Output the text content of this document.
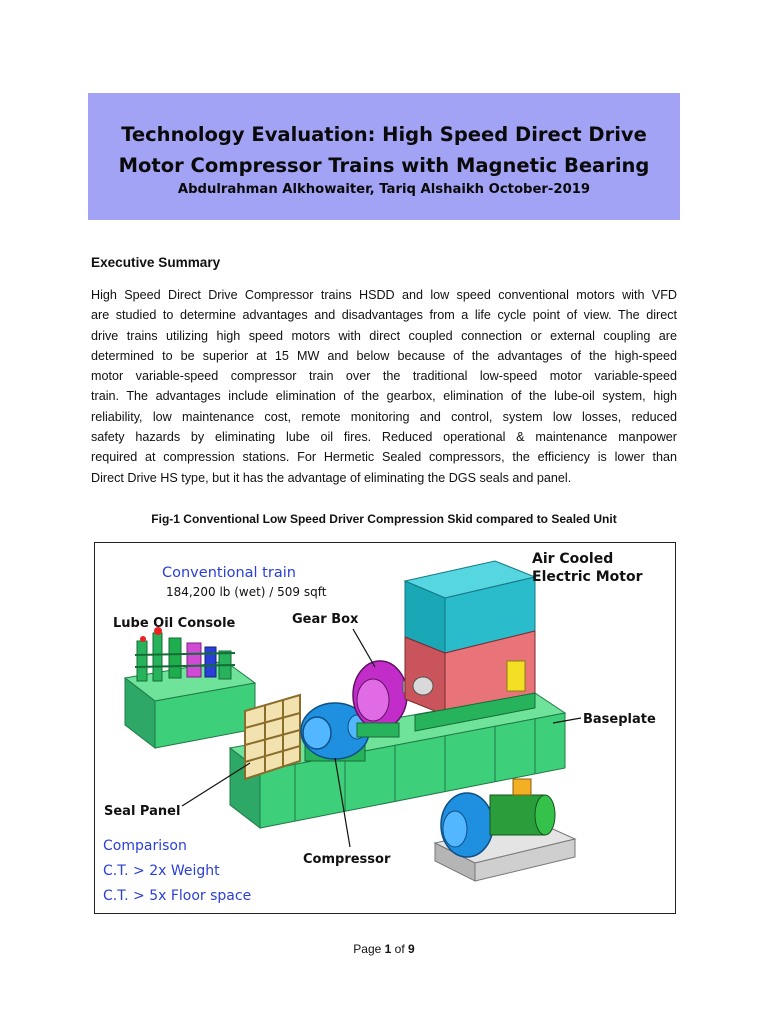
Technology Evaluation: High Speed Direct Drive
Motor Compressor Trains with Magnetic Bearing
Abdulrahman Alkhowaiter, Tariq Alshaikh October-2019
Executive Summary
High Speed Direct Drive Compressor trains HSDD and low speed conventional motors with VFD
are studied to determine advantages and disadvantages from a life cycle point of view. The direct
drive trains utilizing high speed motors with direct coupled connection or external coupling are
determined to be superior at 15 MW and below because of the advantages of the high-speed
motor variable-speed compressor train over the traditional low-speed motor variable-speed
train. The advantages include elimination of the gearbox, elimination of the lube-oil system, high
reliability, low maintenance cost, remote monitoring and control, system low losses, reduced
safety hazards by eliminating lube oil fires. Reduced operational & maintenance manpower
required at compression stations. For Hermetic Sealed compressors, the efficiency is lower than
Direct Drive HS type, but it has the advantage of eliminating the DGS seals and panel.
Fig-1 Conventional Low Speed Driver Compression Skid compared to Sealed Unit
Conventional train
184,200 lb (wet) / 509 sqft
Lube Oil Console	Gear Box
Air Cooled
Electric Motor
Baseplate
Seal Panel
Compressor
Comparison
C.T. > 2x Weight
C.T. > 5x Floor space
Page 1 of 9
